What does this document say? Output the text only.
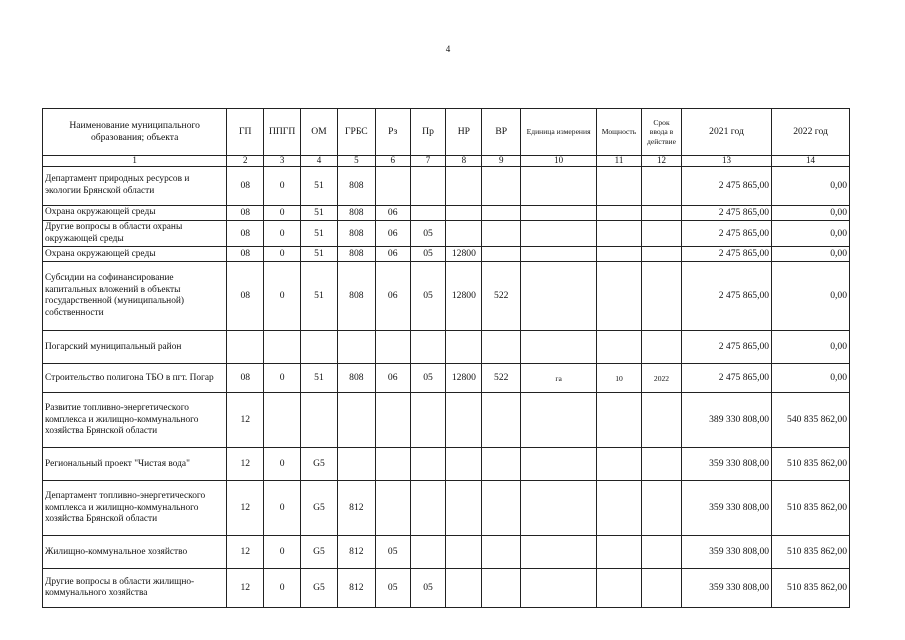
4
Наименование муниципального образования; объекта	ГП	ППГП	ОМ	ГРБС	Рз	Пр	НР	ВР	Единица измерения	Мощность	Срок ввода в действие	2021 год	2022 год
1	2	3	4	5	6	7	8	9	10	11	12	13	14
Департамент природных ресурсов и экологии Брянской области	08	0	51	808								2 475 865,00	0,00
Охрана окружающей среды	08	0	51	808	06							2 475 865,00	0,00
Другие вопросы в области охраны окружающей среды	08	0	51	808	06	05						2 475 865,00	0,00
Охрана окружающей среды	08	0	51	808	06	05	12800					2 475 865,00	0,00
Субсидии на софинансирование капитальных вложений в объекты государственной (муниципальной) собственности	08	0	51	808	06	05	12800	522				2 475 865,00	0,00
Погарский муниципальный район												2 475 865,00	0,00
Строительство полигона ТБО в пгт. Погар	08	0	51	808	06	05	12800	522	га	10	2022	2 475 865,00	0,00
Развитие топливно-энергетического комплекса и жилищно-коммунального хозяйства Брянской области	12											389 330 808,00	540 835 862,00
Региональный проект "Чистая вода"	12	0	G5									359 330 808,00	510 835 862,00
Департамент топливно-энергетического комплекса и жилищно-коммунального хозяйства Брянской области	12	0	G5	812								359 330 808,00	510 835 862,00
Жилищно-коммунальное хозяйство	12	0	G5	812	05							359 330 808,00	510 835 862,00
Другие вопросы в области жилищно-коммунального хозяйства	12	0	G5	812	05	05						359 330 808,00	510 835 862,00
